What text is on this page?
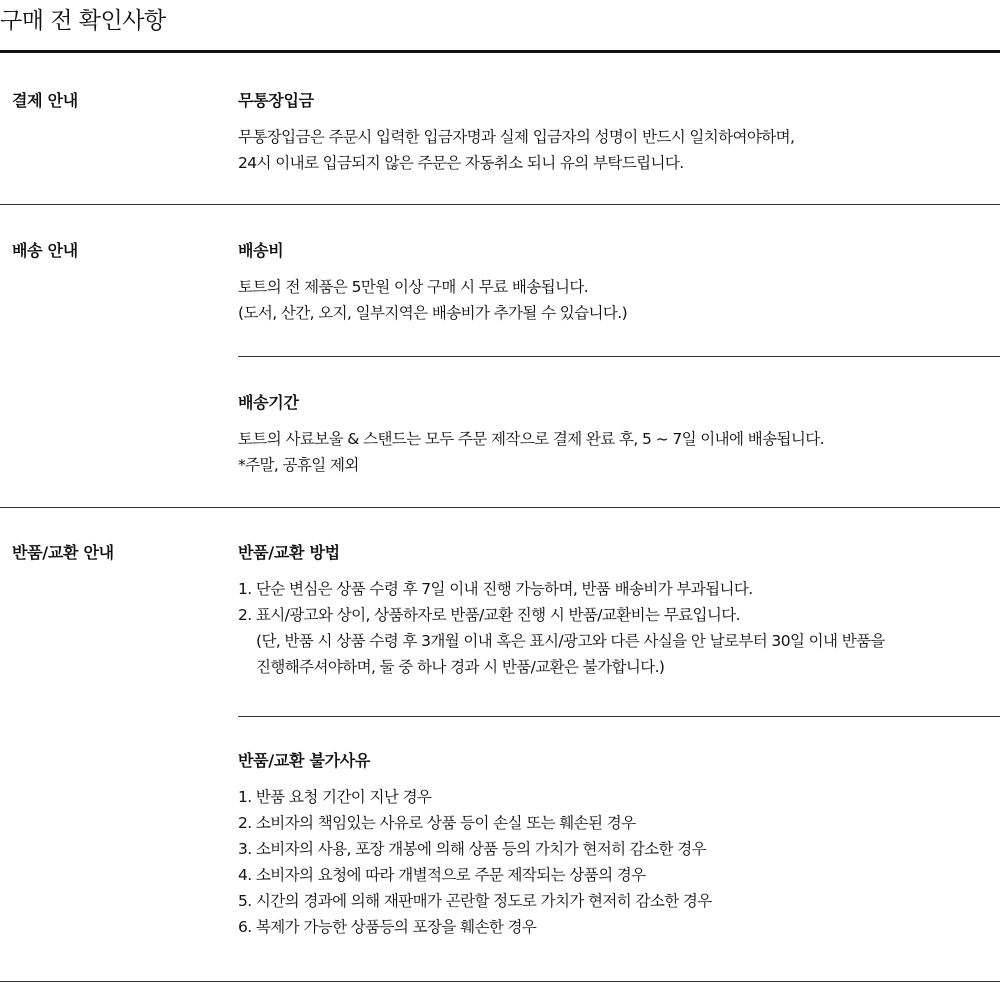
구매 전 확인사항
결제 안내	무통장입금
무통장입금은 주문시 입력한 입금자명과 실제 입금자의 성명이 반드시 일치하여야하며,
24시 이내로 입금되지 않은 주문은 자동취소 되니 유의 부탁드립니다.
배송 안내	배송비
토트의 전 제품은 5만원 이상 구매 시 무료 배송됩니다.
(도서, 산간, 오지, 일부지역은 배송비가 추가될 수 있습니다.)
배송기간
토트의 사료보울 & 스탠드는 모두 주문 제작으로 결제 완료 후, 5 ~ 7일 이내에 배송됩니다.
*주말, 공휴일 제외
반품/교환 안내	반품/교환 방법
1. 단순 변심은 상품 수령 후 7일 이내 진행 가능하며, 반품 배송비가 부과됩니다.
2. 표시/광고와 상이, 상품하자로 반품/교환 진행 시 반품/교환비는 무료입니다.
(단, 반품 시 상품 수령 후 3개월 이내 혹은 표시/광고와 다른 사실을 안 날로부터 30일 이내 반품을
진행해주셔야하며, 둘 중 하나 경과 시 반품/교환은 불가합니다.)
반품/교환 불가사유
1. 반품 요청 기간이 지난 경우
2. 소비자의 책임있는 사유로 상품 등이 손실 또는 훼손된 경우
3. 소비자의 사용, 포장 개봉에 의해 상품 등의 가치가 현저히 감소한 경우
4. 소비자의 요청에 따라 개별적으로 주문 제작되는 상품의 경우
5. 시간의 경과에 의해 재판매가 곤란할 정도로 가치가 현저히 감소한 경우
6. 복제가 가능한 상품등의 포장을 훼손한 경우
